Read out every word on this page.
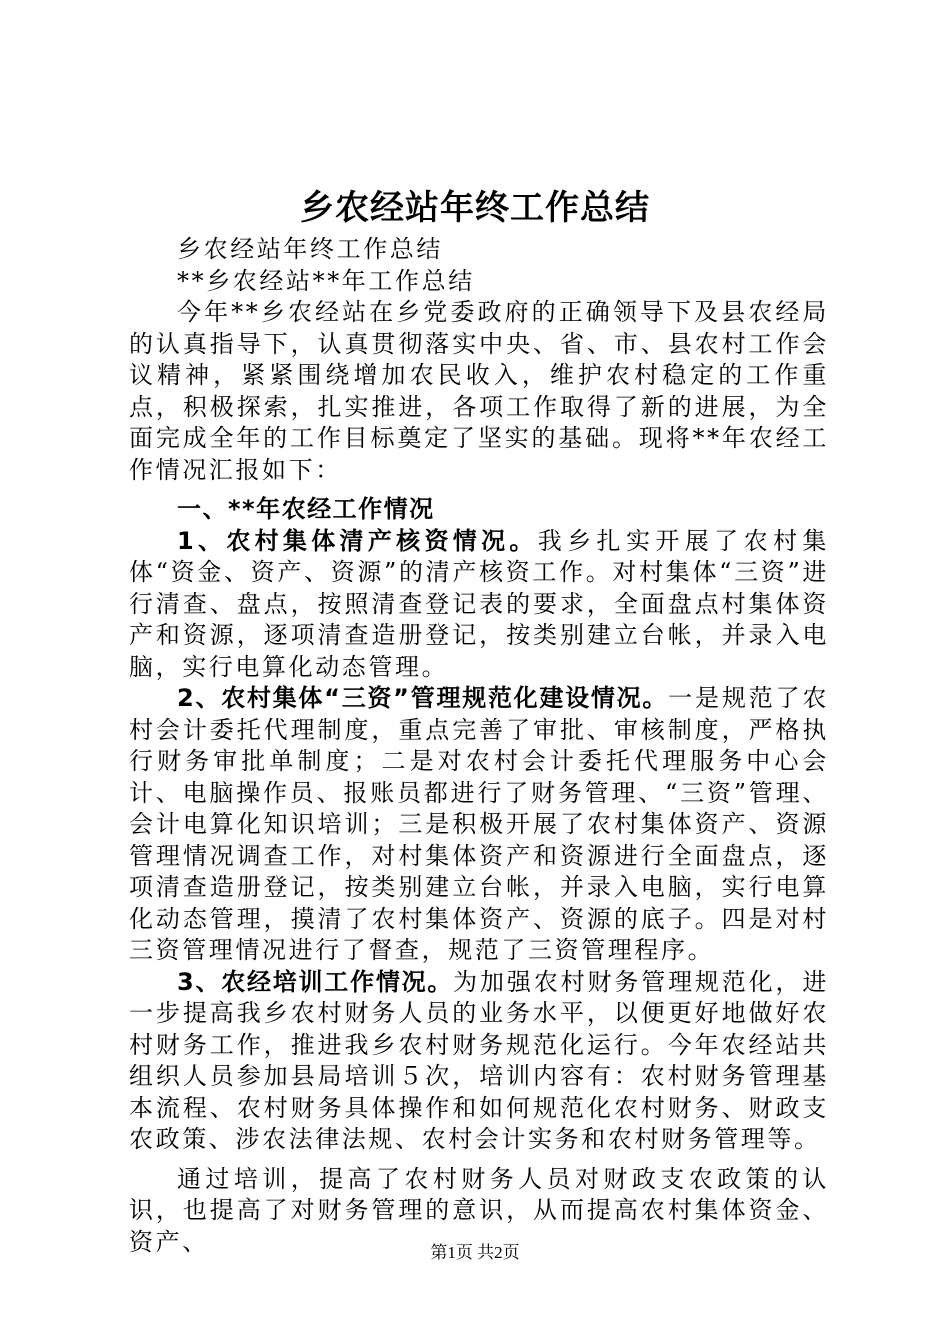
乡农经站年终工作总结

乡农经站年终工作总结

**乡农经站**年工作总结

今年**乡农经站在乡党委政府的正确领导下及县农经局的认真指导下，认真贯彻落实中央、省、市、县农村工作会议精神，紧紧围绕增加农民收入，维护农村稳定的工作重点，积极探索，扎实推进，各项工作取得了新的进展，为全面完成全年的工作目标奠定了坚实的基础。现将**年农经工作情况汇报如下：

一、**年农经工作情况

1、农村集体清产核资情况。我乡扎实开展了农村集体“资金、资产、资源”的清产核资工作。对村集体“三资”进行清查、盘点，按照清查登记表的要求，全面盘点村集体资产和资源，逐项清查造册登记，按类别建立台帐，并录入电脑，实行电算化动态管理。

2、农村集体“三资”管理规范化建设情况。一是规范了农村会计委托代理制度，重点完善了审批、审核制度，严格执行财务审批单制度；二是对农村会计委托代理服务中心会计、电脑操作员、报账员都进行了财务管理、“三资”管理、会计电算化知识培训；三是积极开展了农村集体资产、资源管理情况调查工作，对村集体资产和资源进行全面盘点，逐项清查造册登记，按类别建立台帐，并录入电脑，实行电算化动态管理，摸清了农村集体资产、资源的底子。四是对村三资管理情况进行了督查，规范了三资管理程序。

3、农经培训工作情况。为加强农村财务管理规范化，进一步提高我乡农村财务人员的业务水平，以便更好地做好农村财务工作，推进我乡农村财务规范化运行。今年农经站共组织人员参加县局培训５次，培训内容有：农村财务管理基本流程、农村财务具体操作和如何规范化农村财务、财政支农政策、涉农法律法规、农村会计实务和农村财务管理等。

通过培训，提高了农村财务人员对财政支农政策的认识，也提高了对财务管理的意识，从而提高农村集体资金、资产、	第1页 共2页
